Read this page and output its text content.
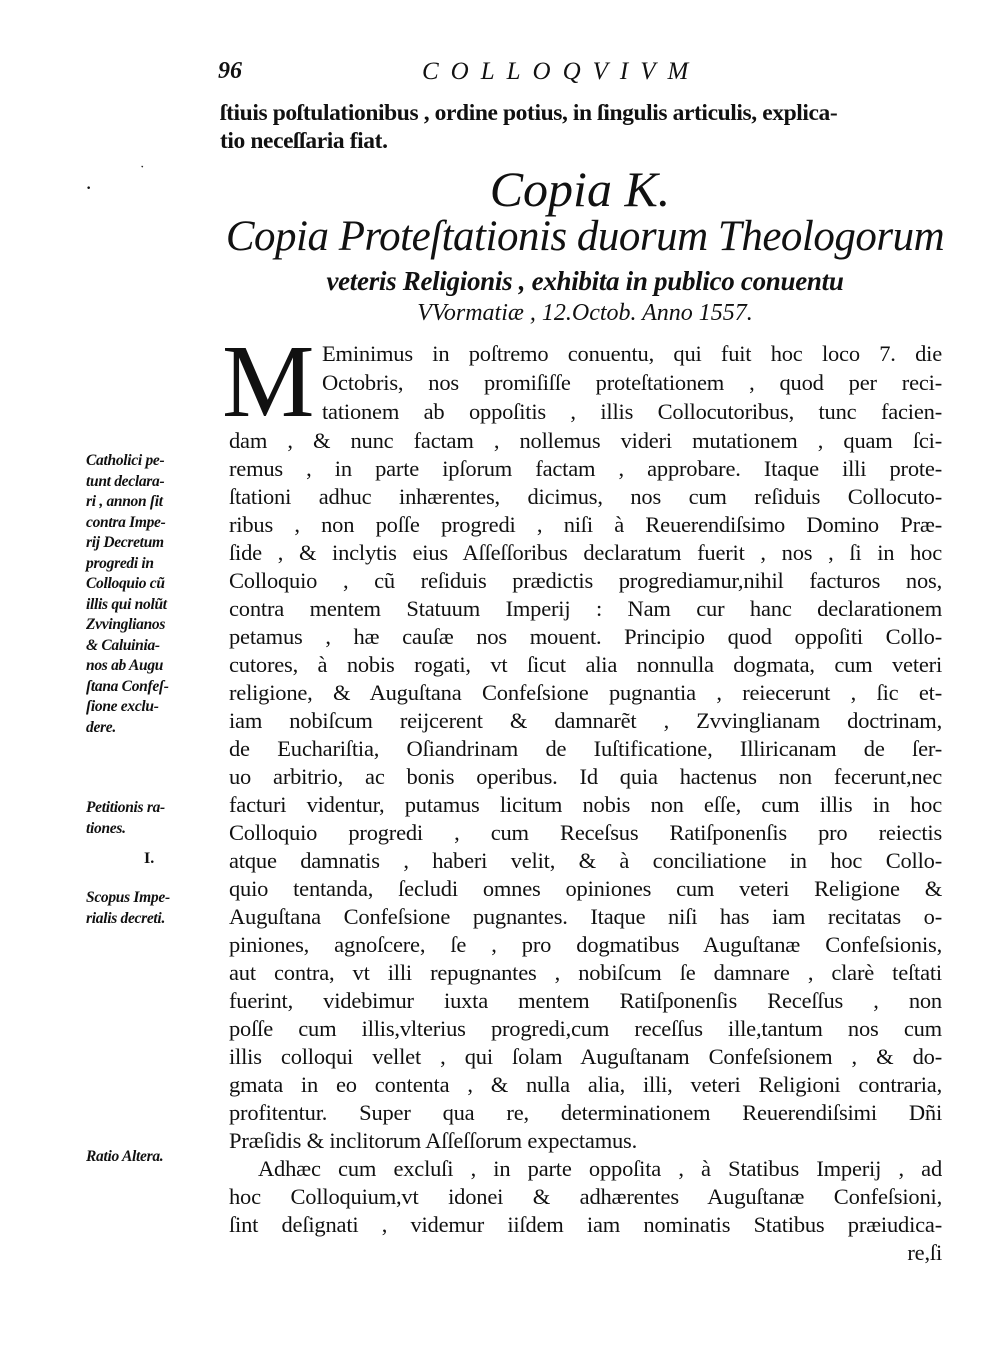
96	COLLOQVIVM
ſtiuis poſtulationibus , ordine potius, in ſingulis articulis, explica-
tio neceſſaria fiat.
ˑ
·	Copia K.
Copia Proteſtationis duorum Theologorum
veteris Religionis , exhibita in publico conuentu
VVormatiæ , 12.Octob. Anno 1557.
M Eminimus in poſtremo conuentu, qui fuit hoc loco 7. die
Octobris, nos promiſiſſe proteſtationem , quod per reci-
tationem ab oppoſitis , illis Collocutoribus, tunc facien-
dam , & nunc factam , nollemus videri mutationem , quam ſci-
remus , in parte ipſorum factam , approbare. Itaque illi prote-
ſtationi adhuc inhærentes, dicimus, nos cum reſiduis Collocuto-
ribus , non poſſe progredi , niſi à Reuerendiſsimo Domino Præ-
ſide , & inclytis eius Aſſeſſoribus declaratum fuerit , nos , ſi in hoc
Colloquio , cũ reſiduis prædictis progrediamur,nihil facturos nos,
contra mentem Statuum Imperij : Nam cur hanc declarationem
petamus , hæ cauſæ nos mouent. Principio quod oppoſiti Collo-
cutores, à nobis rogati, vt ſicut alia nonnulla dogmata, cum veteri
religione, & Auguſtana Confeſsione pugnantia , reiecerunt , ſic et-
iam nobiſcum reijcerent & damnarẽt , Zvvinglianam doctrinam,
de Euchariſtia, Oſiandrinam de Iuſtificatione, Illiricanam de ſer-
uo arbitrio, ac bonis operibus. Id quia hactenus non fecerunt,nec
facturi videntur, putamus licitum nobis non eſſe, cum illis in hoc
Colloquio progredi , cum Receſsus Ratiſponenſis pro reiectis
atque damnatis , haberi velit, & à conciliatione in hoc Collo-
quio tentanda, ſecludi omnes opiniones cum veteri Religione &
Auguſtana Confeſsione pugnantes. Itaque niſi has iam recitatas o-
piniones, agnoſcere, ſe , pro dogmatibus Auguſtanæ Confeſsionis,
aut contra, vt illi repugnantes , nobiſcum ſe damnare , clarè teſtati
fuerint, videbimur iuxta mentem Ratiſponenſis Receſſus , non
poſſe cum illis,vlterius progredi,cum receſſus ille,tantum nos cum
illis colloqui vellet , qui ſolam Auguſtanam Confeſsionem , & do-
gmata in eo contenta , & nulla alia, illi, veteri Religioni contraria,
profitentur. Super qua re, determinationem Reuerendiſsimi Dñi
Præſidis & inclitorum Aſſeſſorum expectamus.
Adhæc cum excluſi , in parte oppoſita , à Statibus Imperij , ad
hoc Colloquium,vt idonei & adhærentes Auguſtanæ Confeſsioni,
ſint deſignati , videmur iiſdem iam nominatis Statibus præiudica-
re,ſi
Catholici pe-
tunt declara-
ri , annon ſit
contra Impe-
rij Decretum
progredi in
Colloquio cũ
illis qui nolũt
Zvvinglianos
& Caluinia-
nos ab Augu
ſtana Confeſ-
ſione exclu-
dere.
Petitionis ra-
tiones.
I.
Scopus Impe-
rialis decreti.
Ratio Altera.
